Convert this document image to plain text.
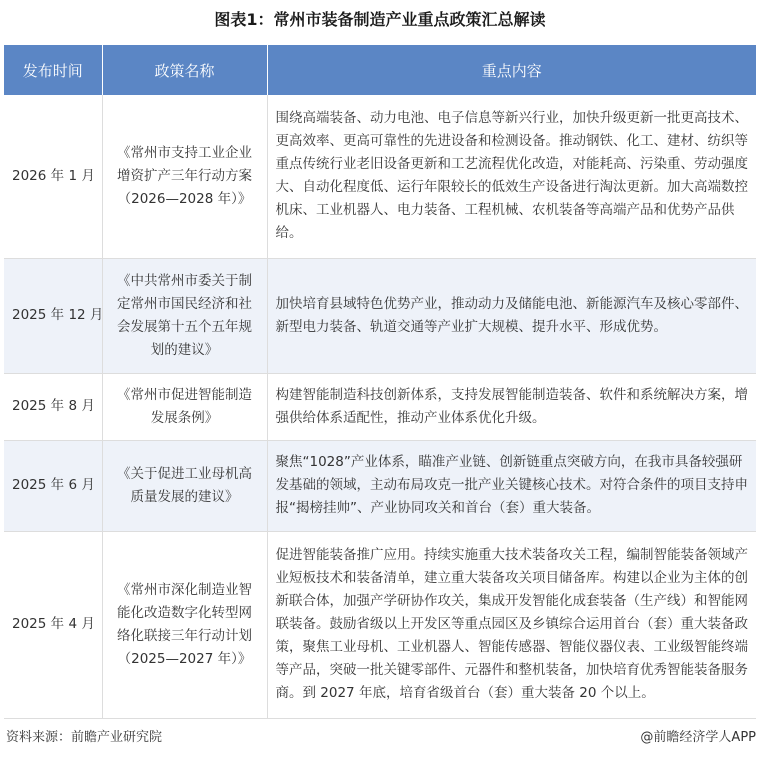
图表1：常州市装备制造产业重点政策汇总解读
发布时间	政策名称	重点内容
2026 年 1 月	《常州市支持工业企业增资扩产三年行动方案（2026—2028 年）》	围绕高端装备、动力电池、电子信息等新兴行业，加快升级更新一批更高技术、更高效率、更高可靠性的先进设备和检测设备。推动钢铁、化工、建材、纺织等重点传统行业老旧设备更新和工艺流程优化改造，对能耗高、污染重、劳动强度大、自动化程度低、运行年限较长的低效生产设备进行淘汰更新。加大高端数控机床、工业机器人、电力装备、工程机械、农机装备等高端产品和优势产品供给。
2025 年 12 月	《中共常州市委关于制定常州市国民经济和社会发展第十五个五年规划的建议》	加快培育县域特色优势产业，推动动力及储能电池、新能源汽车及核心零部件、新型电力装备、轨道交通等产业扩大规模、提升水平、形成优势。
2025 年 8 月	《常州市促进智能制造发展条例》	构建智能制造科技创新体系，支持发展智能制造装备、软件和系统解决方案，增强供给体系适配性，推动产业体系优化升级。
2025 年 6 月	《关于促进工业母机高质量发展的建议》	聚焦“1028”产业体系，瞄准产业链、创新链重点突破方向，在我市具备较强研发基础的领域，主动布局攻克一批产业关键核心技术。对符合条件的项目支持申报“揭榜挂帅”、产业协同攻关和首台（套）重大装备。
2025 年 4 月	《常州市深化制造业智能化改造数字化转型网络化联接三年行动计划（2025—2027 年）》	促进智能装备推广应用。持续实施重大技术装备攻关工程，编制智能装备领域产业短板技术和装备清单，建立重大装备攻关项目储备库。构建以企业为主体的创新联合体，加强产学研协作攻关，集成开发智能化成套装备（生产线）和智能网联装备。鼓励省级以上开发区等重点园区及乡镇综合运用首台（套）重大装备政策，聚焦工业母机、工业机器人、智能传感器、智能仪器仪表、工业级智能终端等产品，突破一批关键零部件、元器件和整机装备，加快培育优秀智能装备服务商。到 2027 年底，培育省级首台（套）重大装备 20 个以上。
资料来源：前瞻产业研究院	@前瞻经济学人APP
